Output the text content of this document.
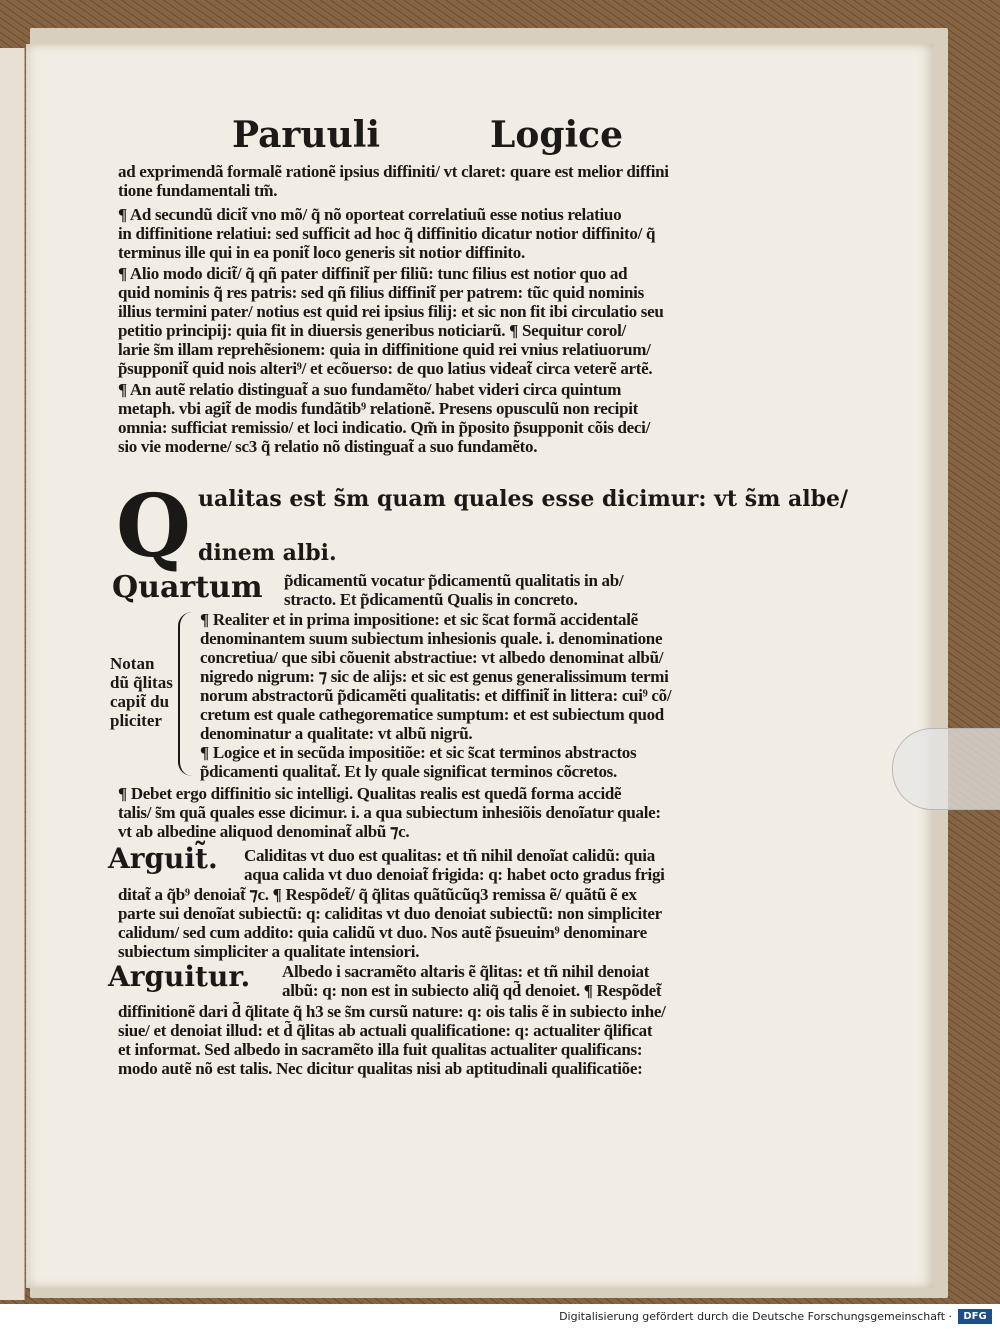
Paruuli	Logice
ad exprimendã formalẽ rationẽ ipsius diffiniti/ vt claret: quare est melior diffini
tione fundamentali tm̃.
¶ Ad secundũ dicit̃ vno mõ/ q̃ nõ oporteat correlatiuũ esse notius relatiuo
in diffinitione relatiui: sed sufficit ad hoc q̃ diffinitio dicatur notior diffinito/ q̃
terminus ille qui in ea ponit̃ loco generis sit notior diffinito.
¶ Alio modo dicit̃/ q̃ qñ pater diffinit̃ per filiũ: tunc filius est notior quo ad
quid nominis q̃̃ res patris: sed qñ filius diffinit̃ per patrem: tũc quid nominis
illius termini pater/ notius est quid rei ipsius filij: et sic non fit ibi circulatio seu
petitio principij: quia fit in diuersis generibus noticiarũ. ¶ Sequitur corol/
larie s̃m illam reprehẽsionem: quia in diffinitione quid rei vnius relatiuorum/
p̃supponit̃ quid nois alteri⁹/ et ecõuerso: de quo latius videat̃ circa veterẽ artẽ.
¶ An autẽ relatio distinguat̃ a suo fundamẽto/ habet videri circa quintum
metaph. vbi agit̃ de modis fundãtib⁹ relationẽ. Presens opusculũ non recipit
omnia: sufficiat remissio/ et loci indicatio. Qm̃ in p̃posito p̃supponit cõis deci/
sio vie moderne/ sc3 q̃ relatio nõ distinguat̃ a suo fundamẽto.
Q ualitas est s̃m quam quales esse dicimur: vt s̃m albe/
dinem albi.
Quartum p̃dicamentũ vocatur p̃dicamentũ qualitatis in ab/
stracto. Et p̃dicamentũ Qualis in concreto.
Notan
dũ q̃litas
capit̃ du
pliciter
¶ Realiter et in prima impositione: et sic s̃cat formã accidentalẽ
denominantem suum subiectum inhesionis quale. i. denominatione
concretiua/ que sibi cõuenit abstractiue: vt albedo denominat albũ/
nigredo nigrum: ⁊ sic de alijs: et sic est genus generalissimum termi
norum abstractorũ p̃dicamẽti qualitatis: et diffinit̃ in littera: cui⁹ cõ/
cretum est quale cathegorematice sumptum: et est subiectum quod
denominatur a qualitate: vt albũ nigrũ.
¶ Logice et in secũda impositiõe: et sic s̃cat terminos abstractos
p̃dicamenti qualitat̃. Et ly quale significat terminos cõcretos.
¶ Debet ergo diffinitio sic intelligi. Qualitas realis est quedã forma accidẽ
talis/ s̃m quã quales esse dicimur. i. a qua subiectum inhesiõis denoĩatur quale:
vt ab albedine aliquod denominat̃ albũ ⁊c.
Arguit̃. Caliditas vt duo est qualitas: et tñ nihil denoĩat calidũ: quia
aqua calida vt duo denoiat̃ frigida: q: habet octo gradus frigi
ditat̃ a q̃b⁹ denoiat̃ ⁊c. ¶ Respõdet̃/ q̃ q̃litas quãtũcũq3 remissa ẽ/ quãtũ ẽ ex
parte sui denoĩat subiectũ: q: caliditas vt duo denoiat subiectũ: non simpliciter
calidum/ sed cum addito: quia calidũ vt duo. Nos autẽ p̃sueuim⁹ denominare
subiectum simpliciter a qualitate intensiori.
Arguitur. Albedo i sacramẽto altaris ẽ q̃litas: et tñ nihil denoiat
albũ: q: non est in subiecto aliq̃ qd̃ denoiet. ¶ Respõdet̃
diffinitionẽ dari d̃ q̃litate q̃ h3 se s̃m cursũ nature: q: ois talis ẽ in subiecto inhe/
siue/ et denoiat illud: et d̃ q̃litas ab actuali qualificatione: q: actualiter q̃lificat
et informat. Sed albedo in sacramẽto illa fuit qualitas actualiter qualificans:
modo autẽ nõ est talis. Nec dicitur qualitas nisi ab aptitudinali qualificatiõe:
Digitalisierung gefördert durch die Deutsche Forschungsgemeinschaft ·	DFG
